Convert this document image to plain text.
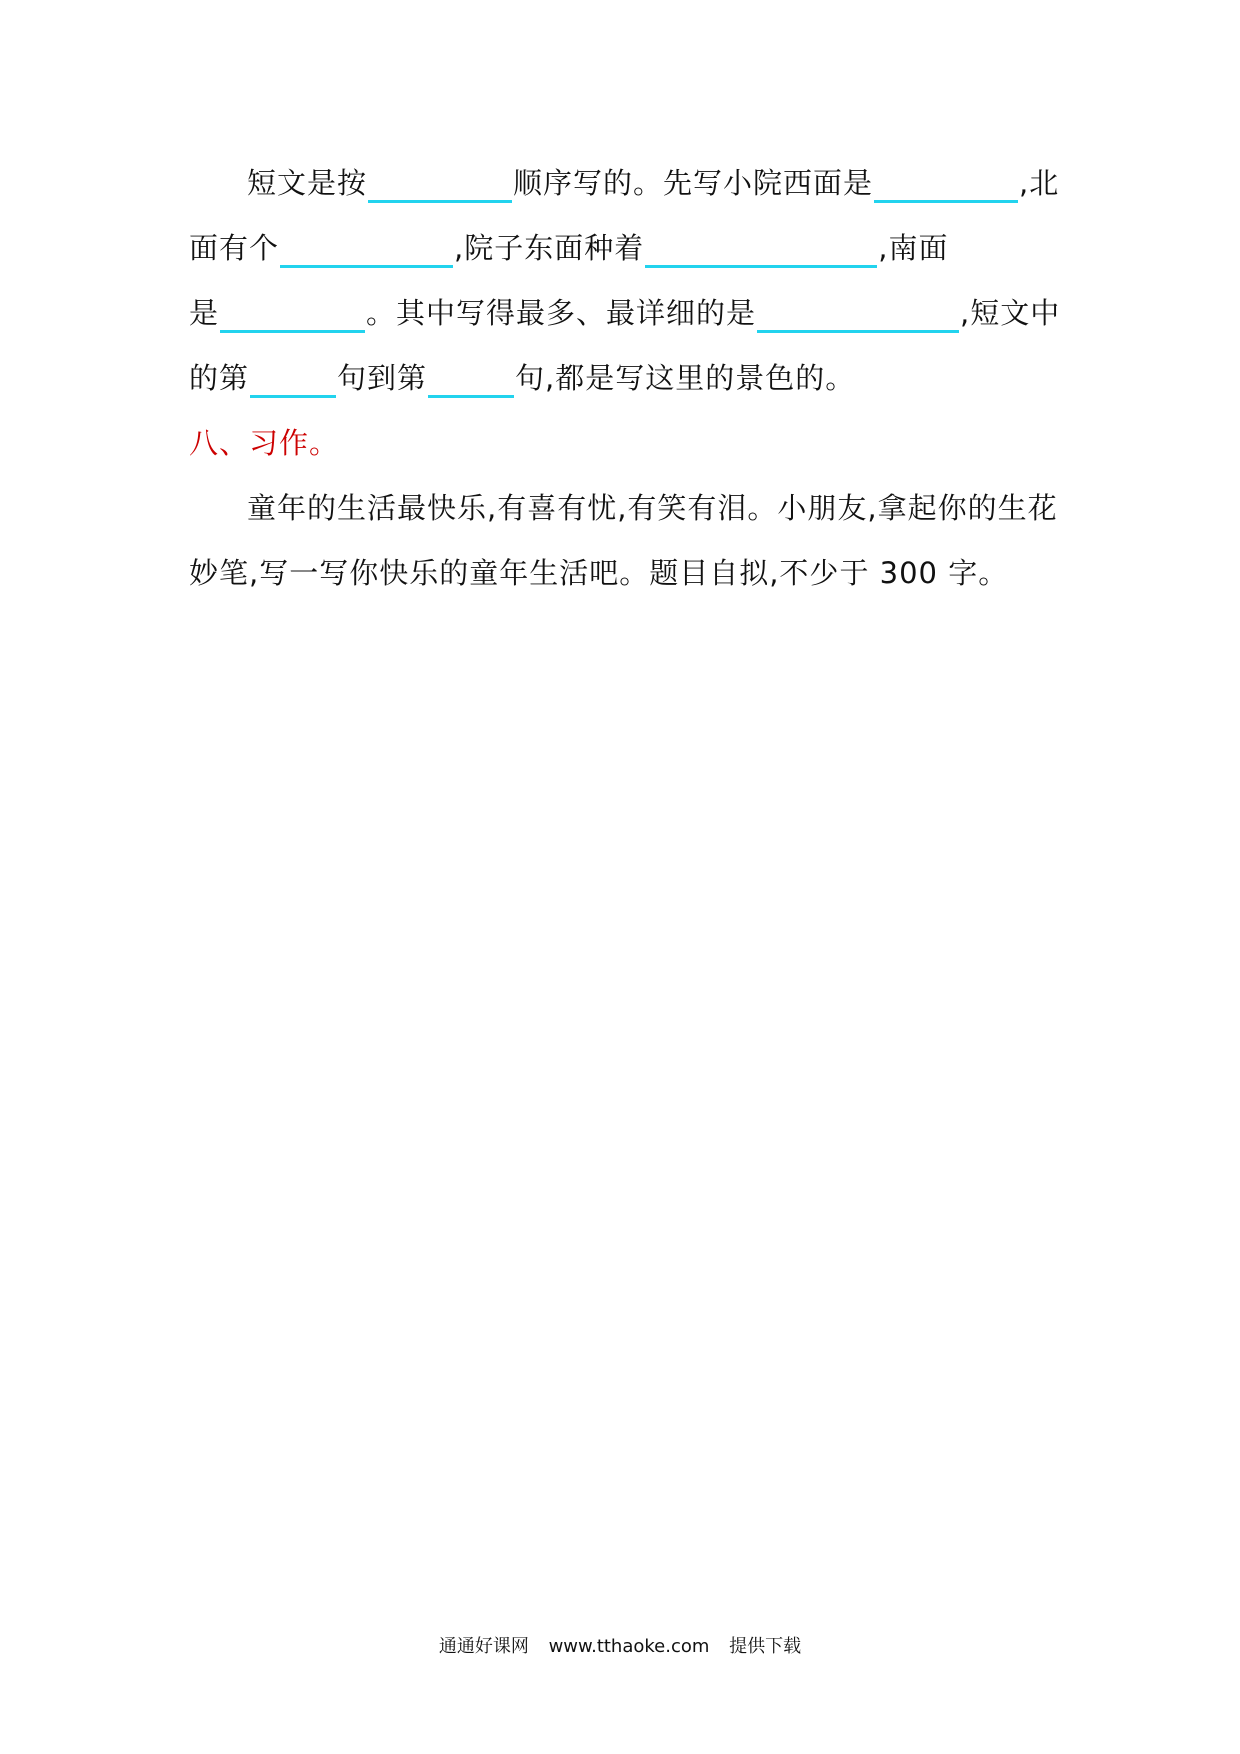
短文是按	顺序写的。先写小院西面是	,北
面有个	,院子东面种着	,南面
是	。其中写得最多、最详细的是	,短文中
的第	句到第	句,都是写这里的景色的。
八、习作。
童年的生活最快乐,有喜有忧,有笑有泪。小朋友,拿起你的生花
妙笔,写一写你快乐的童年生活吧。题目自拟,不少于 300 字。
通通好课网 www.tthaoke.com 提供下载
